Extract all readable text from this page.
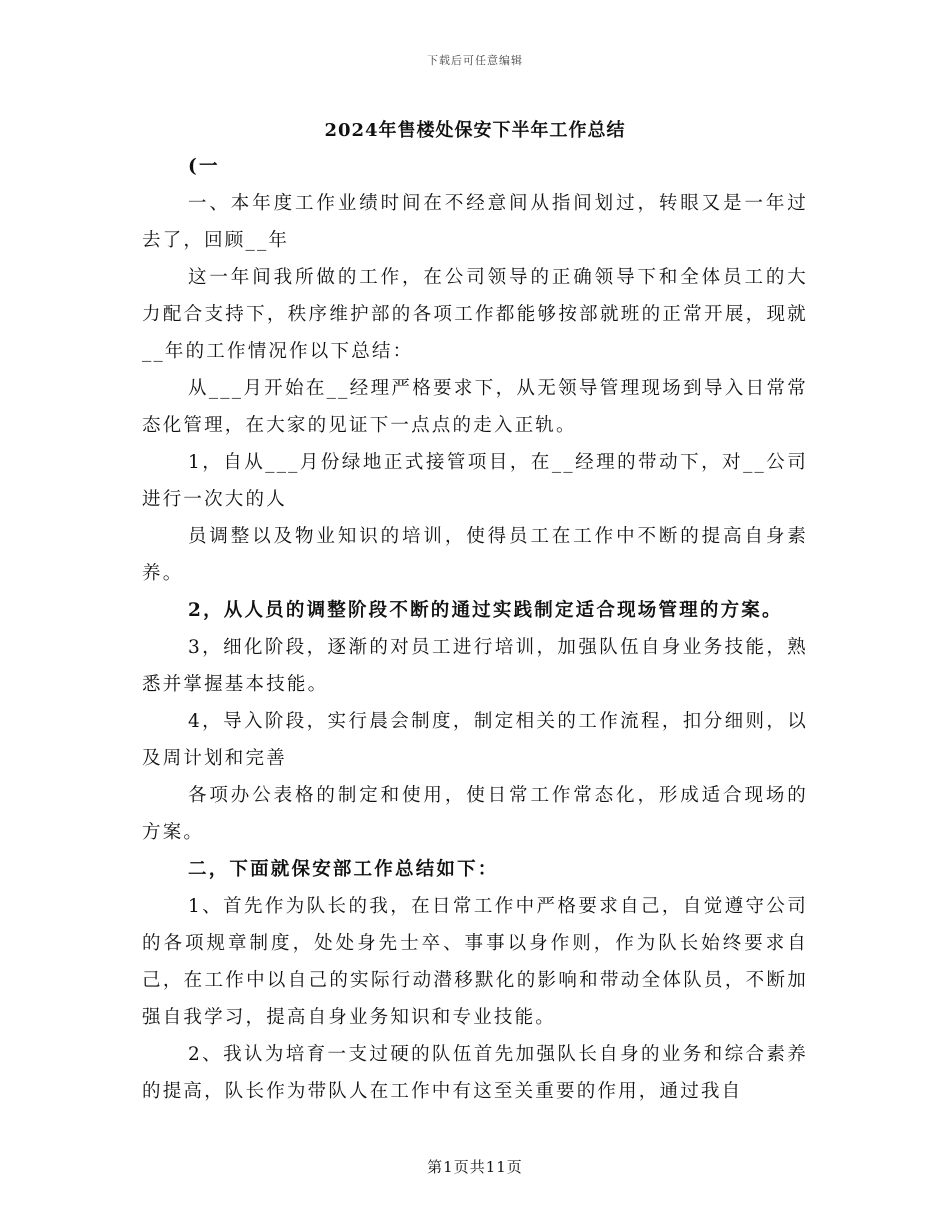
下载后可任意编辑
2024年售楼处保安下半年工作总结

(一

一、本年度工作业绩时间在不经意间从指间划过，转眼又是一年过去了，回顾__年

这一年间我所做的工作，在公司领导的正确领导下和全体员工的大力配合支持下，秩序维护部的各项工作都能够按部就班的正常开展，现就__年的工作情况作以下总结：

从___月开始在__经理严格要求下，从无领导管理现场到导入日常常态化管理，在大家的见证下一点点的走入正轨。

1，自从___月份绿地正式接管项目，在__经理的带动下，对__公司进行一次大的人

员调整以及物业知识的培训，使得员工在工作中不断的提高自身素养。

2，从人员的调整阶段不断的通过实践制定适合现场管理的方案。

3，细化阶段，逐渐的对员工进行培训，加强队伍自身业务技能，熟悉并掌握基本技能。

4，导入阶段，实行晨会制度，制定相关的工作流程，扣分细则，以及周计划和完善

各项办公表格的制定和使用，使日常工作常态化，形成适合现场的方案。

二，下面就保安部工作总结如下：

1、首先作为队长的我，在日常工作中严格要求自己，自觉遵守公司的各项规章制度，处处身先士卒、事事以身作则，作为队长始终要求自己，在工作中以自己的实际行动潜移默化的影响和带动全体队员，不断加强自我学习，提高自身业务知识和专业技能。

2、我认为培育一支过硬的队伍首先加强队长自身的业务和综合素养的提高，队长作为带队人在工作中有这至关重要的作用，通过我自

第1页共11页
